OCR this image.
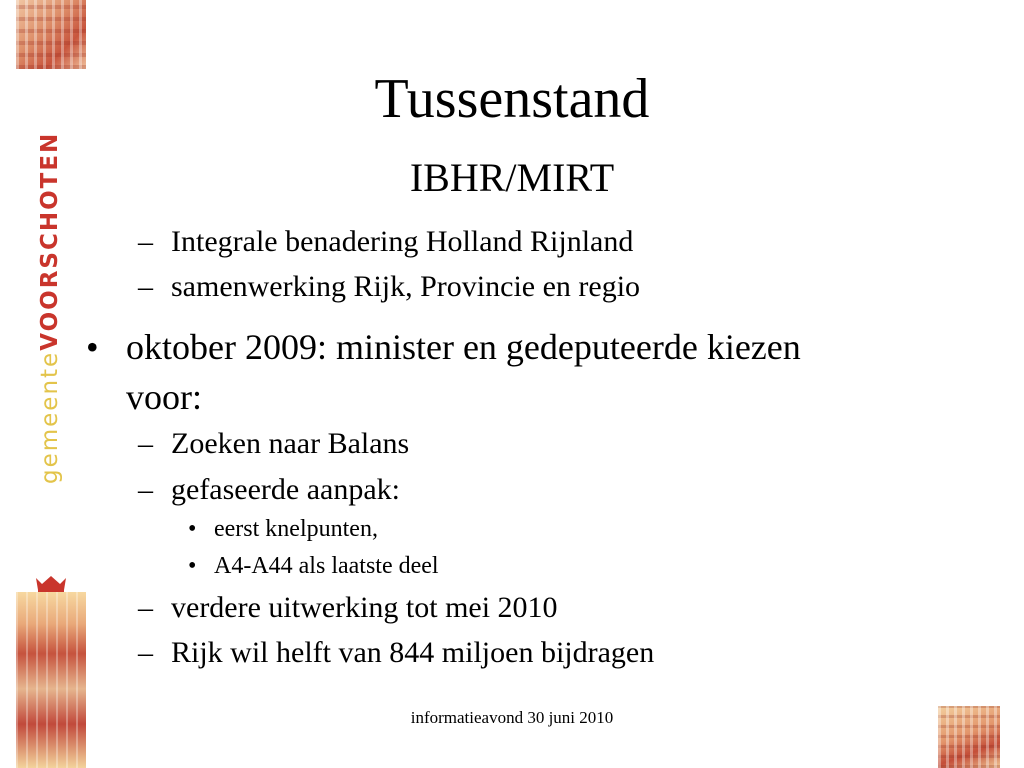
gemeenteVOORSCHOTEN
Tussenstand
IBHR/MIRT
– Integrale benadering Holland Rijnland
– samenwerking Rijk, Provincie en regio
• oktober 2009: minister en gedeputeerde kiezen
voor:
– Zoeken naar Balans
– gefaseerde aanpak:
• eerst knelpunten,
• A4-A44 als laatste deel
– verdere uitwerking tot mei 2010
– Rijk wil helft van 844 miljoen bijdragen
informatieavond 30 juni 2010
